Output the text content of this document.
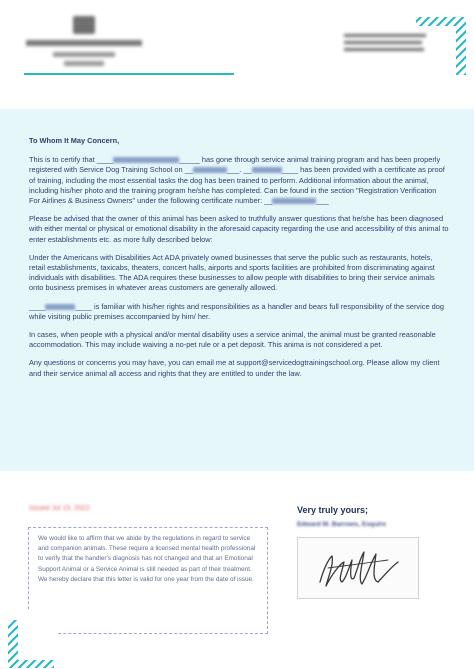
To Whom It May Concern,

This is to certify that ____	_____ has gone through service animal training program and has been properly registered with Service Dog Training School on __	___. __	____ has been provided with a certificate as proof of training, including the most essential tasks the dog has been trained to perform. Additional information about the animal, including his/her photo and the training program he/she has completed. Can be found in the section "Registration Verification For Airlines & Business Owners" under the following certificate number: __	___

Please be advised that the owner of this animal has been asked to truthfully answer questions that he/she has been diagnosed with either mental or physical or emotional disability in the aforesaid capacity regarding the use and accessibility of this animal to enter establishments etc. as more fully described below:

Under the Americans with Disabilities Act ADA privately owned businesses that serve the public such as restaurants, hotels, retail establishments, taxicabs, theaters, concert halls, airports and sports facilities are prohibited from discriminating against individuals with disabilities. The ADA requires these businesses to allow people with disabilities to bring their service animals onto business premises in whatever areas customers are generally allowed.

____	____ is familiar with his/her rights and responsibilities as a handler and bears full responsibility of the service dog while visiting public premises accompanied by him/ her.

In cases, when people with a physical and/or mental disability uses a service animal, the animal must be granted reasonable accommodation. This may include waiving a no-pet rule or a pet deposit. This anima is not considered a pet.

Any questions or concerns you may have, you can email me at support@servicedogtrainingschool.org. Please allow my client and their service animal all access and rights that they are entitled to under the law.

Issued Jul 15, 2022
We would like to affirm that we abide by the regulations in regard to service and companion animals. These require a licensed mental health professional to verify that the handler's diagnosis has not changed and that an Emotional Support Animal or a Service Animal is still needed as part of their treatment. We hereby declare that this letter is valid for one year from the date of issue.
Very truly yours;
Edward M. Barrows, Esquire
